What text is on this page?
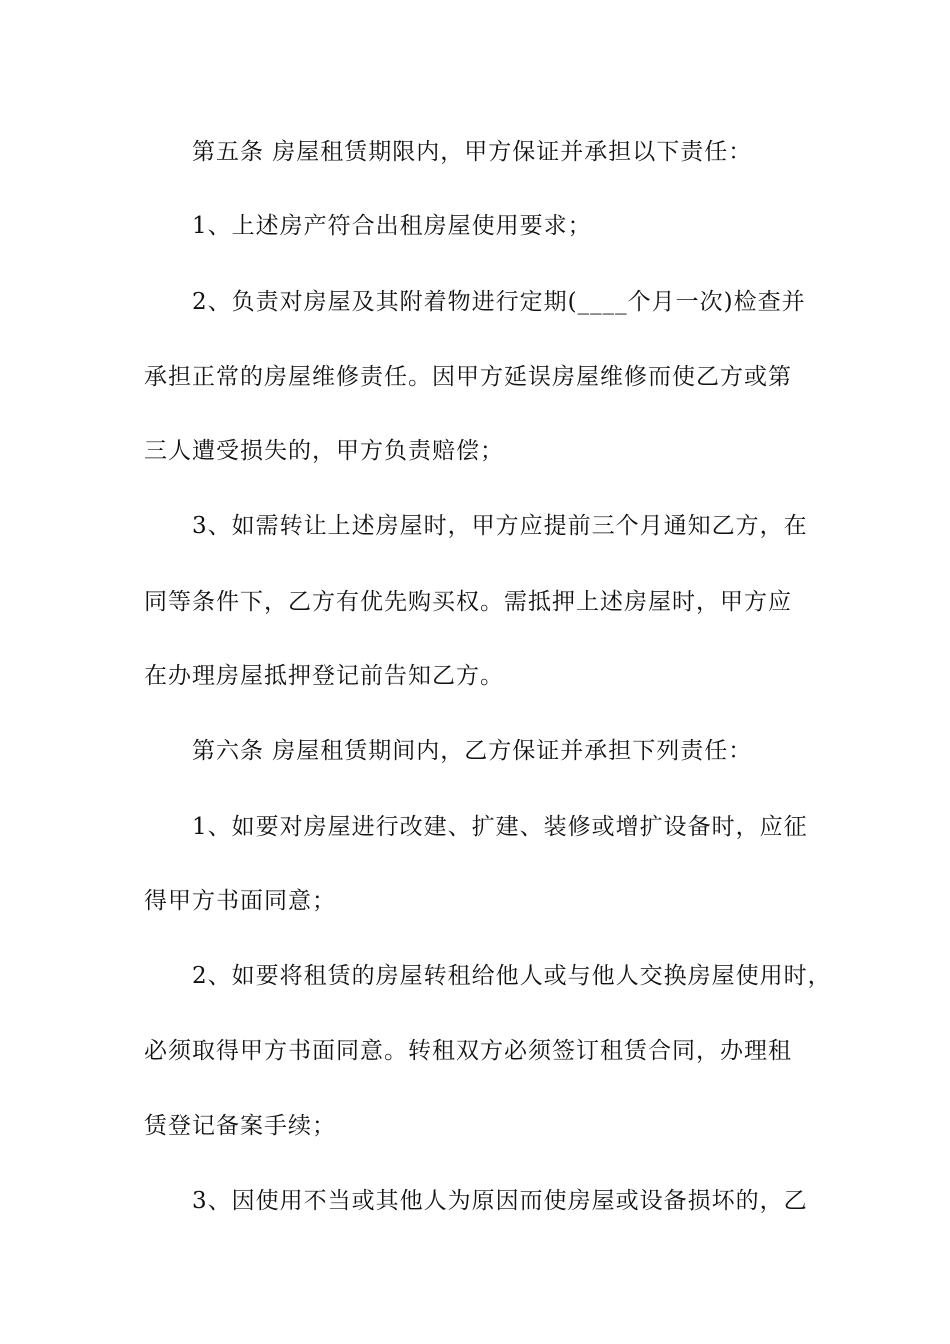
第五条 房屋租赁期限内，甲方保证并承担以下责任：
1、上述房产符合出租房屋使用要求；
2、负责对房屋及其附着物进行定期(____个月一次)检查并
承担正常的房屋维修责任。因甲方延误房屋维修而使乙方或第
三人遭受损失的，甲方负责赔偿；
3、如需转让上述房屋时，甲方应提前三个月通知乙方，在
同等条件下，乙方有优先购买权。需抵押上述房屋时，甲方应
在办理房屋抵押登记前告知乙方。
第六条 房屋租赁期间内，乙方保证并承担下列责任：
1、如要对房屋进行改建、扩建、装修或增扩设备时，应征
得甲方书面同意；
2、如要将租赁的房屋转租给他人或与他人交换房屋使用时，
必须取得甲方书面同意。转租双方必须签订租赁合同，办理租
赁登记备案手续；
3、因使用不当或其他人为原因而使房屋或设备损坏的，乙
